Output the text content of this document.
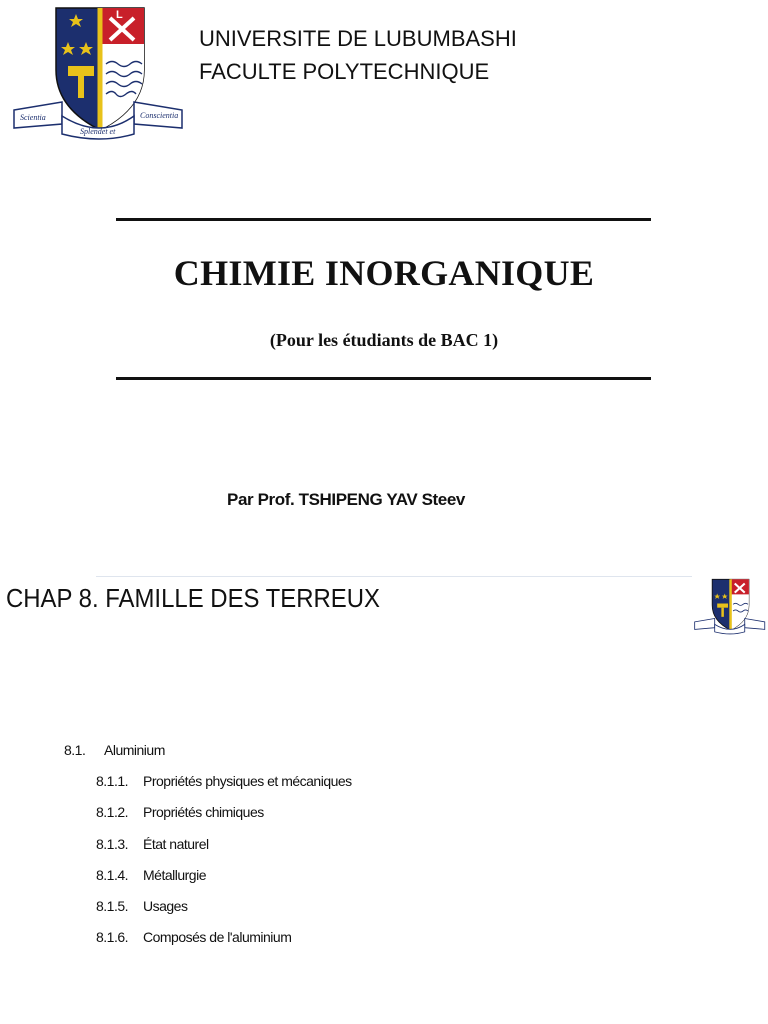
L
Scientia
Splendet et
Conscientia
UNIVERSITE DE LUBUMBASHI
FACULTE POLYTECHNIQUE
CHIMIE INORGANIQUE
(Pour les étudiants de BAC 1)
Par Prof. TSHIPENG YAV Steev
CHAP 8. FAMILLE DES TERREUX
8.1. Aluminium
8.1.1. Propriétés physiques et mécaniques
8.1.2. Propriétés chimiques
8.1.3. État naturel
8.1.4. Métallurgie
8.1.5. Usages
8.1.6. Composés de l'aluminium
